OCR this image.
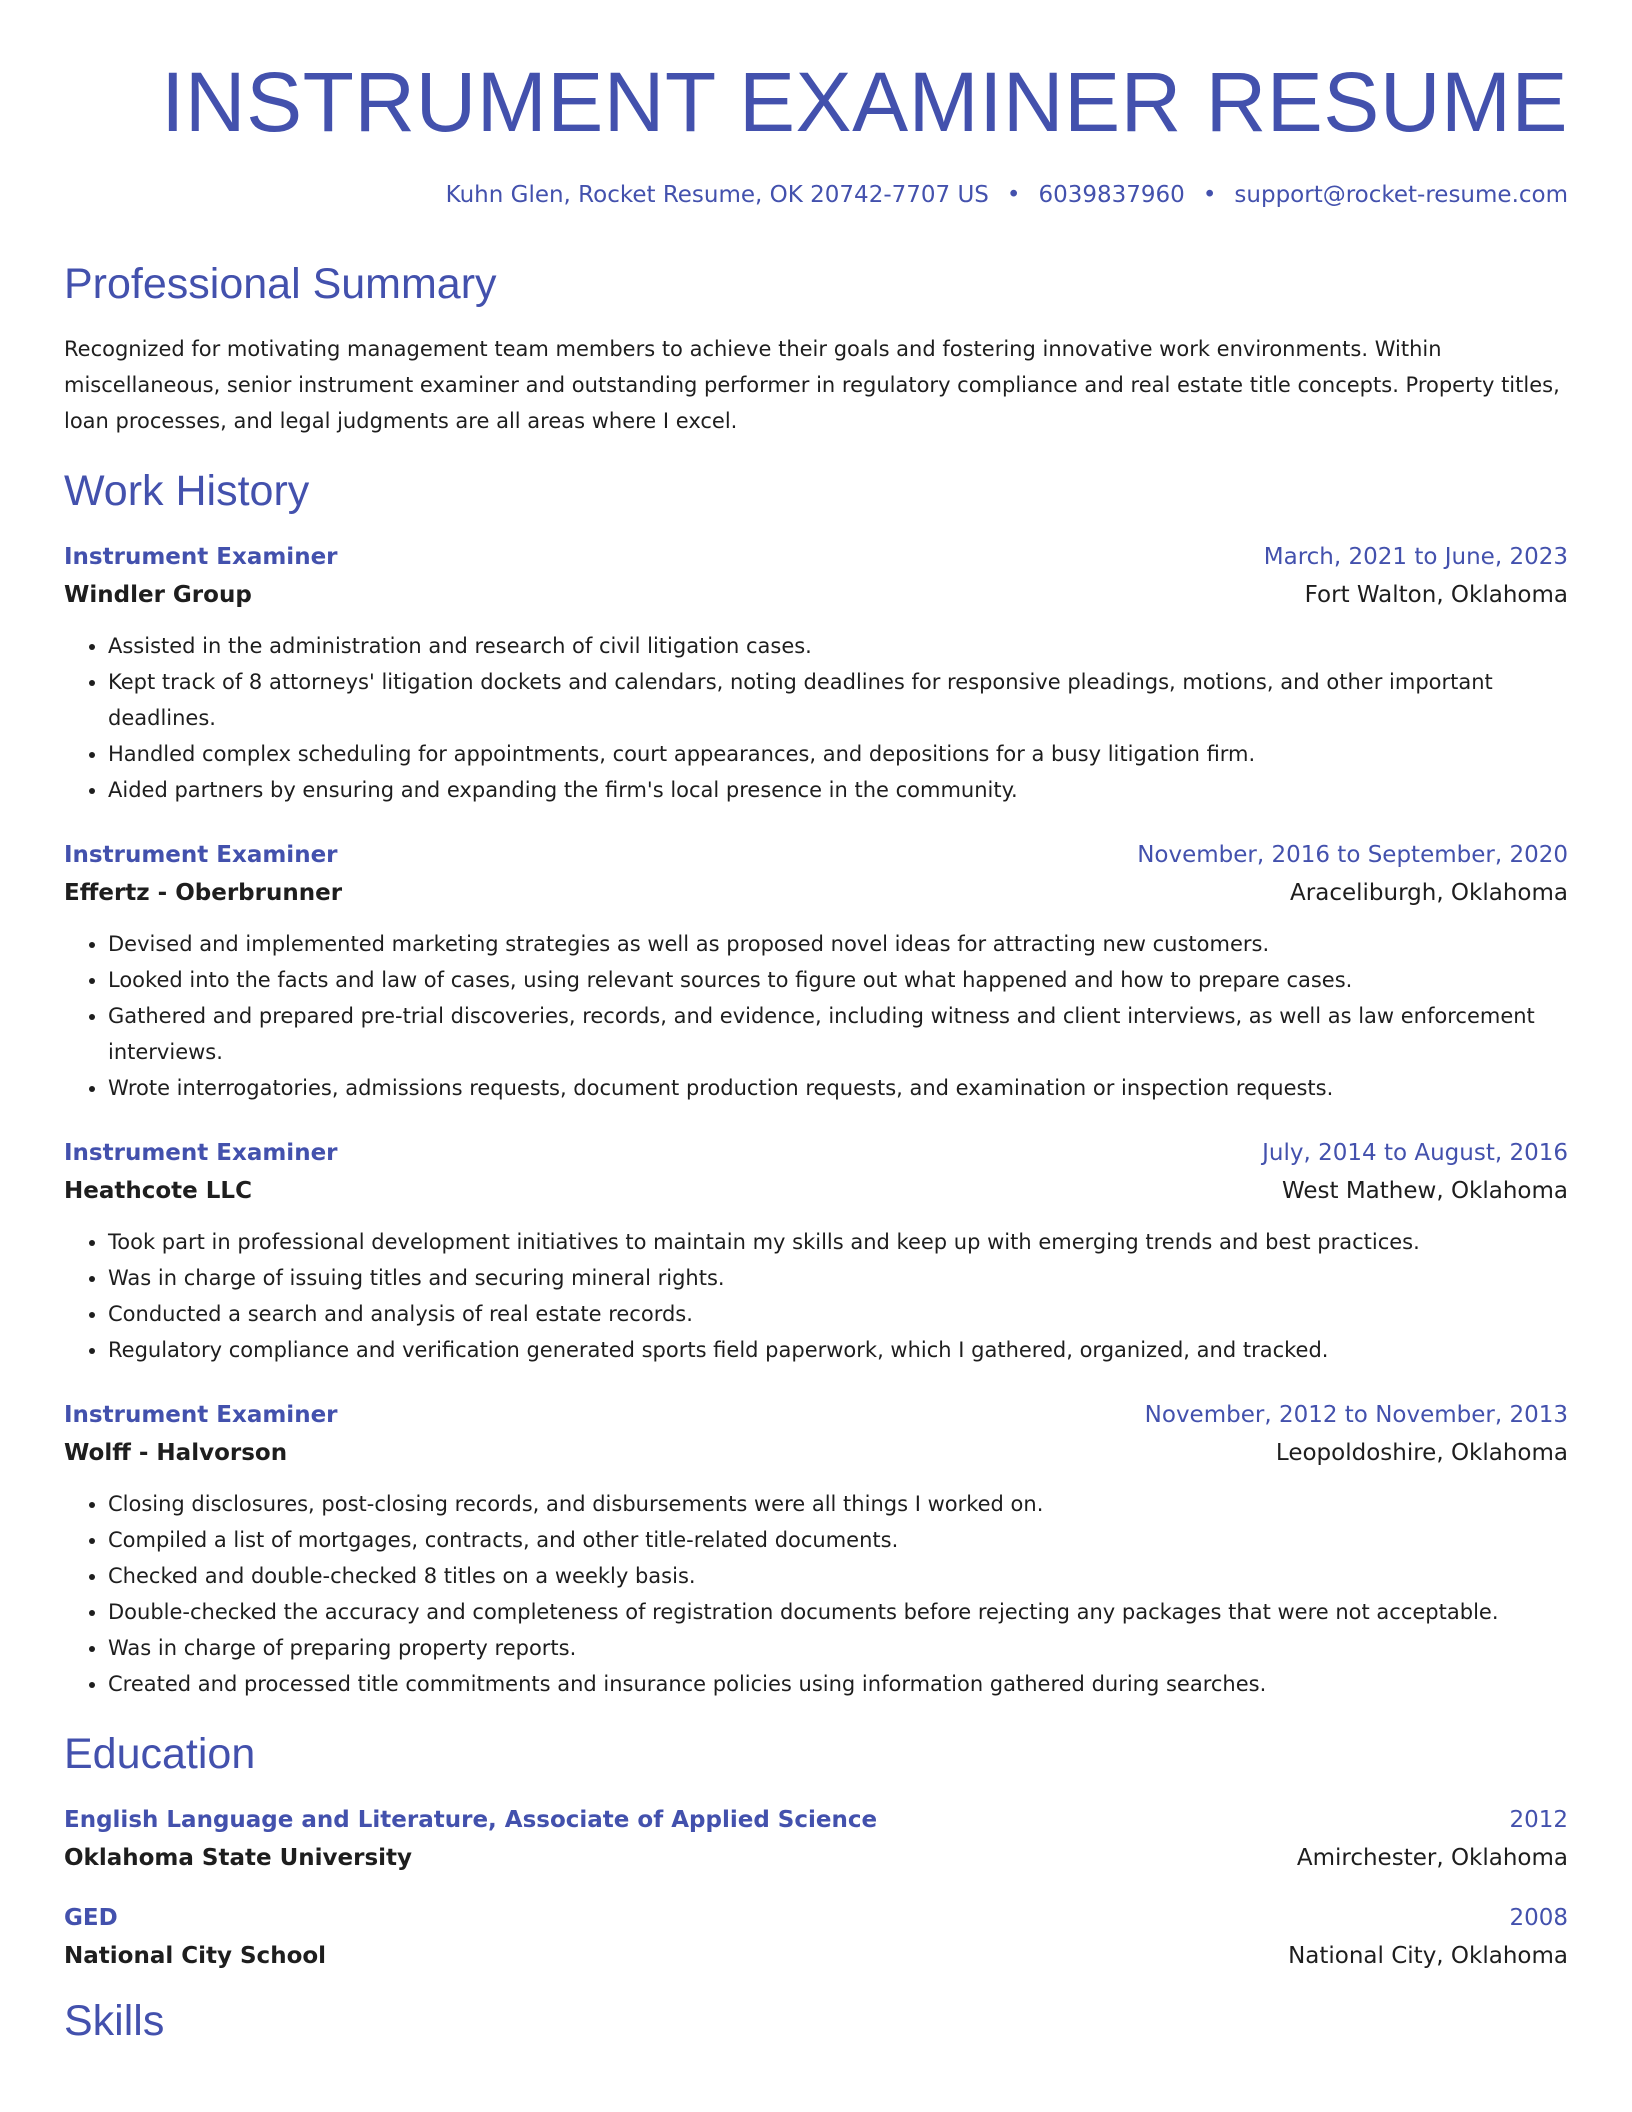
INSTRUMENT EXAMINER RESUME
Kuhn Glen, Rocket Resume, OK 20742-7707 US • 6039837960 • support@rocket-resume.com
Professional Summary

Recognized for motivating management team members to achieve their goals and fostering innovative work environments. Within miscellaneous, senior instrument examiner and outstanding performer in regulatory compliance and real estate title concepts. Property titles, loan processes, and legal judgments are all areas where I excel.

Work History
Instrument Examiner	March, 2021 to June, 2023
Windler Group	Fort Walton, Oklahoma
• Assisted in the administration and research of civil litigation cases.
• Kept track of 8 attorneys' litigation dockets and calendars, noting deadlines for responsive pleadings, motions, and other important deadlines.
• Handled complex scheduling for appointments, court appearances, and depositions for a busy litigation firm.
• Aided partners by ensuring and expanding the firm's local presence in the community.
Instrument Examiner	November, 2016 to September, 2020
Effertz - Oberbrunner	Araceliburgh, Oklahoma
• Devised and implemented marketing strategies as well as proposed novel ideas for attracting new customers.
• Looked into the facts and law of cases, using relevant sources to figure out what happened and how to prepare cases.
• Gathered and prepared pre-trial discoveries, records, and evidence, including witness and client interviews, as well as law enforcement interviews.
• Wrote interrogatories, admissions requests, document production requests, and examination or inspection requests.
Instrument Examiner	July, 2014 to August, 2016
Heathcote LLC	West Mathew, Oklahoma
• Took part in professional development initiatives to maintain my skills and keep up with emerging trends and best practices.
• Was in charge of issuing titles and securing mineral rights.
• Conducted a search and analysis of real estate records.
• Regulatory compliance and verification generated sports field paperwork, which I gathered, organized, and tracked.
Instrument Examiner	November, 2012 to November, 2013
Wolff - Halvorson	Leopoldoshire, Oklahoma
• Closing disclosures, post-closing records, and disbursements were all things I worked on.
• Compiled a list of mortgages, contracts, and other title-related documents.
• Checked and double-checked 8 titles on a weekly basis.
• Double-checked the accuracy and completeness of registration documents before rejecting any packages that were not acceptable.
• Was in charge of preparing property reports.
• Created and processed title commitments and insurance policies using information gathered during searches.
Education
English Language and Literature, Associate of Applied Science	2012
Oklahoma State University	Amirchester, Oklahoma
GED	2008
National City School	National City, Oklahoma
Skills
